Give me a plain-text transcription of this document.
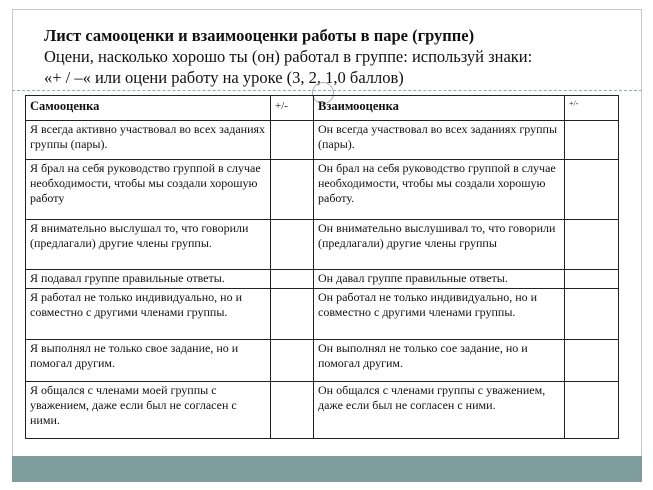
Лист самооценки и взаимооценки работы в паре (группе)
Оцени, насколько хорошо ты (он) работал в группе: используй знаки:
«+ / –« или оцени работу на уроке (3, 2, 1,0 баллов)
Самооценка	+/-	Взаимооценка	+/-
Я всегда активно участвовал во всех заданиях группы (пары).		Он всегда участвовал во всех заданиях группы (пары).	
Я брал на себя руководство группой в случае необходимости, чтобы мы создали хорошую работу		Он брал на себя руководство группой в случае необходимости, чтобы мы создали хорошую работу.	
Я внимательно выслушал то, что говорили (предлагали) другие члены группы.		Он внимательно выслушивал то, что говорили (предлагали) другие члены группы	
Я подавал группе правильные ответы.		Он давал группе правильные ответы.	
Я работал не только индивидуально, но и совместно с другими членами группы.		Он работал не только индивидуально, но и совместно с другими членами группы.	
Я выполнял не только свое задание, но и помогал другим.		Он выполнял не только сое задание, но и помогал другим.	
Я общался с членами моей группы с уважением, даже если был не согласен с ними.		Он общался с членами группы с уважением, даже если был не согласен с ними.	
